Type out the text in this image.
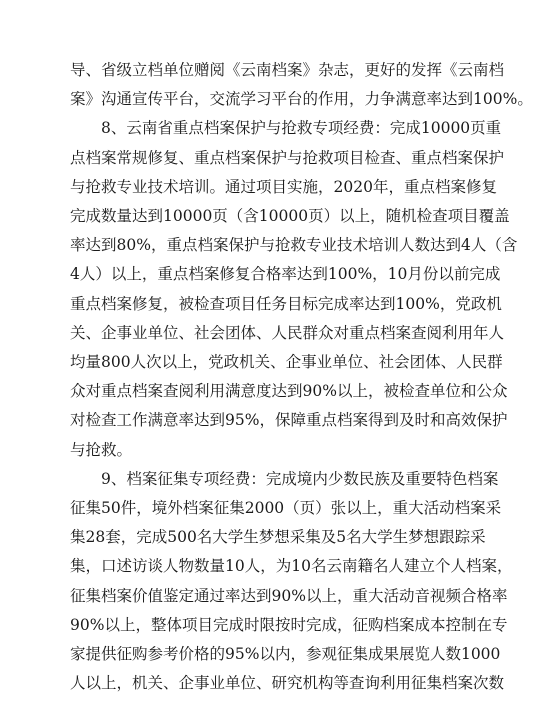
导、省级立档单位赠阅《云南档案》杂志，更好的发挥《云南档
案》沟通宣传平台，交流学习平台的作用，力争满意率达到100%。
8、云南省重点档案保护与抢救专项经费：完成10000页重
点档案常规修复、重点档案保护与抢救项目检查、重点档案保护
与抢救专业技术培训。通过项目实施，2020年，重点档案修复
完成数量达到10000页（含10000页）以上，随机检查项目覆盖
率达到80%，重点档案保护与抢救专业技术培训人数达到4人（含
4人）以上，重点档案修复合格率达到100%，10月份以前完成
重点档案修复，被检查项目任务目标完成率达到100%，党政机
关、企事业单位、社会团体、人民群众对重点档案查阅利用年人
均量800人次以上，党政机关、企事业单位、社会团体、人民群
众对重点档案查阅利用满意度达到90%以上，被检查单位和公众
对检查工作满意率达到95%，保障重点档案得到及时和高效保护
与抢救。
9、档案征集专项经费：完成境内少数民族及重要特色档案
征集50件，境外档案征集2000（页）张以上，重大活动档案采
集28套，完成500名大学生梦想采集及5名大学生梦想跟踪采
集，口述访谈人物数量10人，为10名云南籍名人建立个人档案，
征集档案价值鉴定通过率达到90%以上，重大活动音视频合格率
90%以上，整体项目完成时限按时完成，征购档案成本控制在专
家提供征购参考价格的95%以内，参观征集成果展览人数1000
人以上，机关、企事业单位、研究机构等查询利用征集档案次数
